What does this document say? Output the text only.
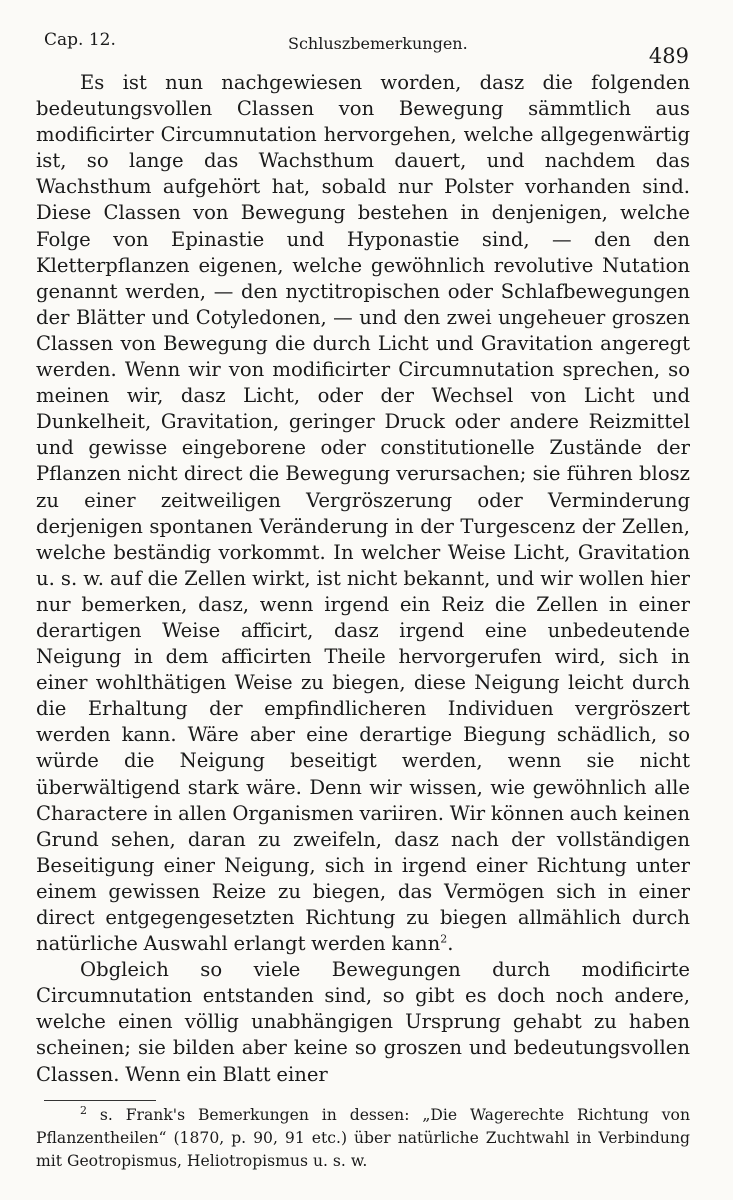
Cap. 12.	Schluszbemerkungen.
489

Es ist nun nachgewiesen worden, dasz die folgenden bedeutungsvollen Classen von Bewegung sämmtlich aus modificirter Circumnutation hervorgehen, welche allgegenwärtig ist, so lange das Wachsthum dauert, und nachdem das Wachsthum aufgehört hat, sobald nur Polster vorhanden sind. Diese Classen von Bewegung bestehen in denjenigen, welche Folge von Epinastie und Hyponastie sind, — den den Kletterpflanzen eigenen, welche gewöhnlich revolutive Nutation genannt werden, — den nyctitropischen oder Schlafbewegungen der Blätter und Cotyledonen, — und den zwei ungeheuer groszen Classen von Bewegung die durch Licht und Gravitation angeregt werden. Wenn wir von modificirter Circumnutation sprechen, so meinen wir, dasz Licht, oder der Wechsel von Licht und Dunkelheit, Gravitation, geringer Druck oder andere Reizmittel und gewisse eingeborene oder constitutionelle Zustände der Pflanzen nicht direct die Bewegung verursachen; sie führen blosz zu einer zeitweiligen Vergröszerung oder Verminderung derjenigen spontanen Veränderung in der Turgescenz der Zellen, welche beständig vorkommt. In welcher Weise Licht, Gravitation u. s. w. auf die Zellen wirkt, ist nicht bekannt, und wir wollen hier nur bemerken, dasz, wenn irgend ein Reiz die Zellen in einer derartigen Weise afficirt, dasz irgend eine unbedeutende Neigung in dem afficirten Theile hervorgerufen wird, sich in einer wohlthätigen Weise zu biegen, diese Neigung leicht durch die Erhaltung der empfindlicheren Individuen vergröszert werden kann. Wäre aber eine derartige Biegung schädlich, so würde die Neigung beseitigt werden, wenn sie nicht überwältigend stark wäre. Denn wir wissen, wie gewöhnlich alle Charactere in allen Organismen variiren. Wir können auch keinen Grund sehen, daran zu zweifeln, dasz nach der vollständigen Beseitigung einer Neigung, sich in irgend einer Richtung unter einem gewissen Reize zu biegen, das Vermögen sich in einer direct entgegengesetzten Richtung zu biegen allmählich durch natürliche Auswahl erlangt werden kann$^2$.

Obgleich so viele Bewegungen durch modificirte Circumnutation entstanden sind, so gibt es doch noch andere, welche einen völlig unabhängigen Ursprung gehabt zu haben scheinen; sie bilden aber keine so groszen und bedeutungsvollen Classen. Wenn ein Blatt einer

$^2$ s. Frank's Bemerkungen in dessen: „Die Wagerechte Richtung von Pflanzentheilen“ (1870, p. 90, 91 etc.) über natürliche Zuchtwahl in Verbindung mit Geotropismus, Heliotropismus u. s. w.
